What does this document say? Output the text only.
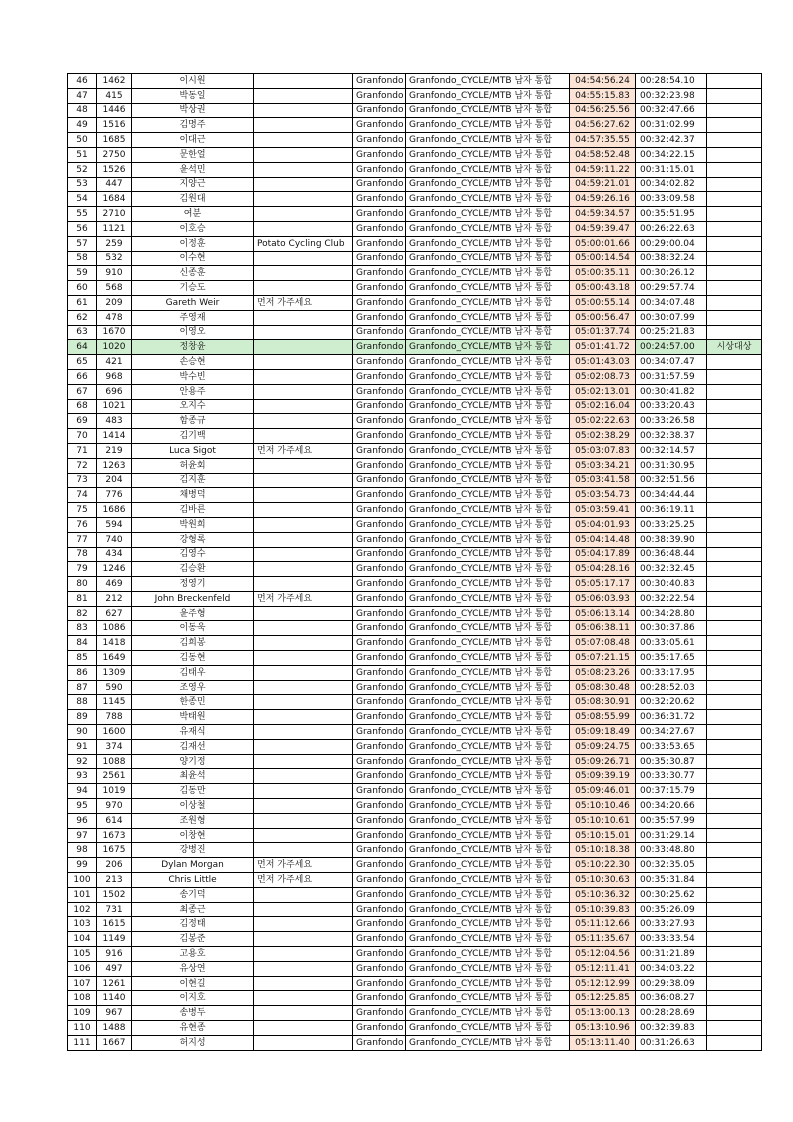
46	1462	이시원		Granfondo	Granfondo_CYCLE/MTB 남자 통합	04:54:56.24	00:28:54.10	
47	415	박동일		Granfondo	Granfondo_CYCLE/MTB 남자 통합	04:55:15.83	00:32:23.98	
48	1446	박상권		Granfondo	Granfondo_CYCLE/MTB 남자 통합	04:56:25.56	00:32:47.66	
49	1516	김명주		Granfondo	Granfondo_CYCLE/MTB 남자 통합	04:56:27.62	00:31:02.99	
50	1685	이대근		Granfondo	Granfondo_CYCLE/MTB 남자 통합	04:57:35.55	00:32:42.37	
51	2750	문한얼		Granfondo	Granfondo_CYCLE/MTB 남자 통합	04:58:52.48	00:34:22.15	
52	1526	윤석민		Granfondo	Granfondo_CYCLE/MTB 남자 통합	04:59:11.22	00:31:15.01	
53	447	지양근		Granfondo	Granfondo_CYCLE/MTB 남자 통합	04:59:21.01	00:34:02.82	
54	1684	김원대		Granfondo	Granfondo_CYCLE/MTB 남자 통합	04:59:26.16	00:33:09.58	
55	2710	여분		Granfondo	Granfondo_CYCLE/MTB 남자 통합	04:59:34.57	00:35:51.95	
56	1121	이호승		Granfondo	Granfondo_CYCLE/MTB 남자 통합	04:59:39.47	00:26:22.63	
57	259	이정훈	Potato Cycling Club	Granfondo	Granfondo_CYCLE/MTB 남자 통합	05:00:01.66	00:29:00.04	
58	532	이수현		Granfondo	Granfondo_CYCLE/MTB 남자 통합	05:00:14.54	00:38:32.24	
59	910	신종훈		Granfondo	Granfondo_CYCLE/MTB 남자 통합	05:00:35.11	00:30:26.12	
60	568	기승도		Granfondo	Granfondo_CYCLE/MTB 남자 통합	05:00:43.18	00:29:57.74	
61	209	Gareth Weir	먼저 가주세요	Granfondo	Granfondo_CYCLE/MTB 남자 통합	05:00:55.14	00:34:07.48	
62	478	주영재		Granfondo	Granfondo_CYCLE/MTB 남자 통합	05:00:56.47	00:30:07.99	
63	1670	이영오		Granfondo	Granfondo_CYCLE/MTB 남자 통합	05:01:37.74	00:25:21.83	
64	1020	정창윤		Granfondo	Granfondo_CYCLE/MTB 남자 통합	05:01:41.72	00:24:57.00	시상대상
65	421	손승현		Granfondo	Granfondo_CYCLE/MTB 남자 통합	05:01:43.03	00:34:07.47	
66	968	박수빈		Granfondo	Granfondo_CYCLE/MTB 남자 통합	05:02:08.73	00:31:57.59	
67	696	안용주		Granfondo	Granfondo_CYCLE/MTB 남자 통합	05:02:13.01	00:30:41.82	
68	1021	오지수		Granfondo	Granfondo_CYCLE/MTB 남자 통합	05:02:16.04	00:33:20.43	
69	483	함종규		Granfondo	Granfondo_CYCLE/MTB 남자 통합	05:02:22.63	00:33:26.58	
70	1414	김기백		Granfondo	Granfondo_CYCLE/MTB 남자 통합	05:02:38.29	00:32:38.37	
71	219	Luca Sigot	먼저 가주세요	Granfondo	Granfondo_CYCLE/MTB 남자 통합	05:03:07.83	00:32:14.57	
72	1263	허윤회		Granfondo	Granfondo_CYCLE/MTB 남자 통합	05:03:34.21	00:31:30.95	
73	204	김지훈		Granfondo	Granfondo_CYCLE/MTB 남자 통합	05:03:41.58	00:32:51.56	
74	776	채병덕		Granfondo	Granfondo_CYCLE/MTB 남자 통합	05:03:54.73	00:34:44.44	
75	1686	김바른		Granfondo	Granfondo_CYCLE/MTB 남자 통합	05:03:59.41	00:36:19.11	
76	594	박원희		Granfondo	Granfondo_CYCLE/MTB 남자 통합	05:04:01.93	00:33:25.25	
77	740	강형록		Granfondo	Granfondo_CYCLE/MTB 남자 통합	05:04:14.48	00:38:39.90	
78	434	김영수		Granfondo	Granfondo_CYCLE/MTB 남자 통합	05:04:17.89	00:36:48.44	
79	1246	김승환		Granfondo	Granfondo_CYCLE/MTB 남자 통합	05:04:28.16	00:32:32.45	
80	469	정영기		Granfondo	Granfondo_CYCLE/MTB 남자 통합	05:05:17.17	00:30:40.83	
81	212	John Breckenfeld	먼저 가주세요	Granfondo	Granfondo_CYCLE/MTB 남자 통합	05:06:03.93	00:32:22.54	
82	627	윤주형		Granfondo	Granfondo_CYCLE/MTB 남자 통합	05:06:13.14	00:34:28.80	
83	1086	이동욱		Granfondo	Granfondo_CYCLE/MTB 남자 통합	05:06:38.11	00:30:37.86	
84	1418	김희봉		Granfondo	Granfondo_CYCLE/MTB 남자 통합	05:07:08.48	00:33:05.61	
85	1649	김동현		Granfondo	Granfondo_CYCLE/MTB 남자 통합	05:07:21.15	00:35:17.65	
86	1309	김태우		Granfondo	Granfondo_CYCLE/MTB 남자 통합	05:08:23.26	00:33:17.95	
87	590	조영우		Granfondo	Granfondo_CYCLE/MTB 남자 통합	05:08:30.48	00:28:52.03	
88	1145	한종민		Granfondo	Granfondo_CYCLE/MTB 남자 통합	05:08:30.91	00:32:20.62	
89	788	박태원		Granfondo	Granfondo_CYCLE/MTB 남자 통합	05:08:55.99	00:36:31.72	
90	1600	유재식		Granfondo	Granfondo_CYCLE/MTB 남자 통합	05:09:18.49	00:34:27.67	
91	374	김재선		Granfondo	Granfondo_CYCLE/MTB 남자 통합	05:09:24.75	00:33:53.65	
92	1088	양기정		Granfondo	Granfondo_CYCLE/MTB 남자 통합	05:09:26.71	00:35:30.87	
93	2561	최윤석		Granfondo	Granfondo_CYCLE/MTB 남자 통합	05:09:39.19	00:33:30.77	
94	1019	김동만		Granfondo	Granfondo_CYCLE/MTB 남자 통합	05:09:46.01	00:37:15.79	
95	970	이상철		Granfondo	Granfondo_CYCLE/MTB 남자 통합	05:10:10.46	00:34:20.66	
96	614	조원형		Granfondo	Granfondo_CYCLE/MTB 남자 통합	05:10:10.61	00:35:57.99	
97	1673	이창현		Granfondo	Granfondo_CYCLE/MTB 남자 통합	05:10:15.01	00:31:29.14	
98	1675	강병진		Granfondo	Granfondo_CYCLE/MTB 남자 통합	05:10:18.38	00:33:48.80	
99	206	Dylan Morgan	먼저 가주세요	Granfondo	Granfondo_CYCLE/MTB 남자 통합	05:10:22.30	00:32:35.05	
100	213	Chris Little	먼저 가주세요	Granfondo	Granfondo_CYCLE/MTB 남자 통합	05:10:30.63	00:35:31.84	
101	1502	송기덕		Granfondo	Granfondo_CYCLE/MTB 남자 통합	05:10:36.32	00:30:25.62	
102	731	최종근		Granfondo	Granfondo_CYCLE/MTB 남자 통합	05:10:39.83	00:35:26.09	
103	1615	김정태		Granfondo	Granfondo_CYCLE/MTB 남자 통합	05:11:12.66	00:33:27.93	
104	1149	김봉준		Granfondo	Granfondo_CYCLE/MTB 남자 통합	05:11:35.67	00:33:33.54	
105	916	고용호		Granfondo	Granfondo_CYCLE/MTB 남자 통합	05:12:04.56	00:31:21.89	
106	497	유상연		Granfondo	Granfondo_CYCLE/MTB 남자 통합	05:12:11.41	00:34:03.22	
107	1261	이현길		Granfondo	Granfondo_CYCLE/MTB 남자 통합	05:12:12.99	00:29:38.09	
108	1140	이지호		Granfondo	Granfondo_CYCLE/MTB 남자 통합	05:12:25.85	00:36:08.27	
109	967	송병두		Granfondo	Granfondo_CYCLE/MTB 남자 통합	05:13:00.13	00:28:28.69	
110	1488	유현종		Granfondo	Granfondo_CYCLE/MTB 남자 통합	05:13:10.96	00:32:39.83	
111	1667	허지성		Granfondo	Granfondo_CYCLE/MTB 남자 통합	05:13:11.40	00:31:26.63	
